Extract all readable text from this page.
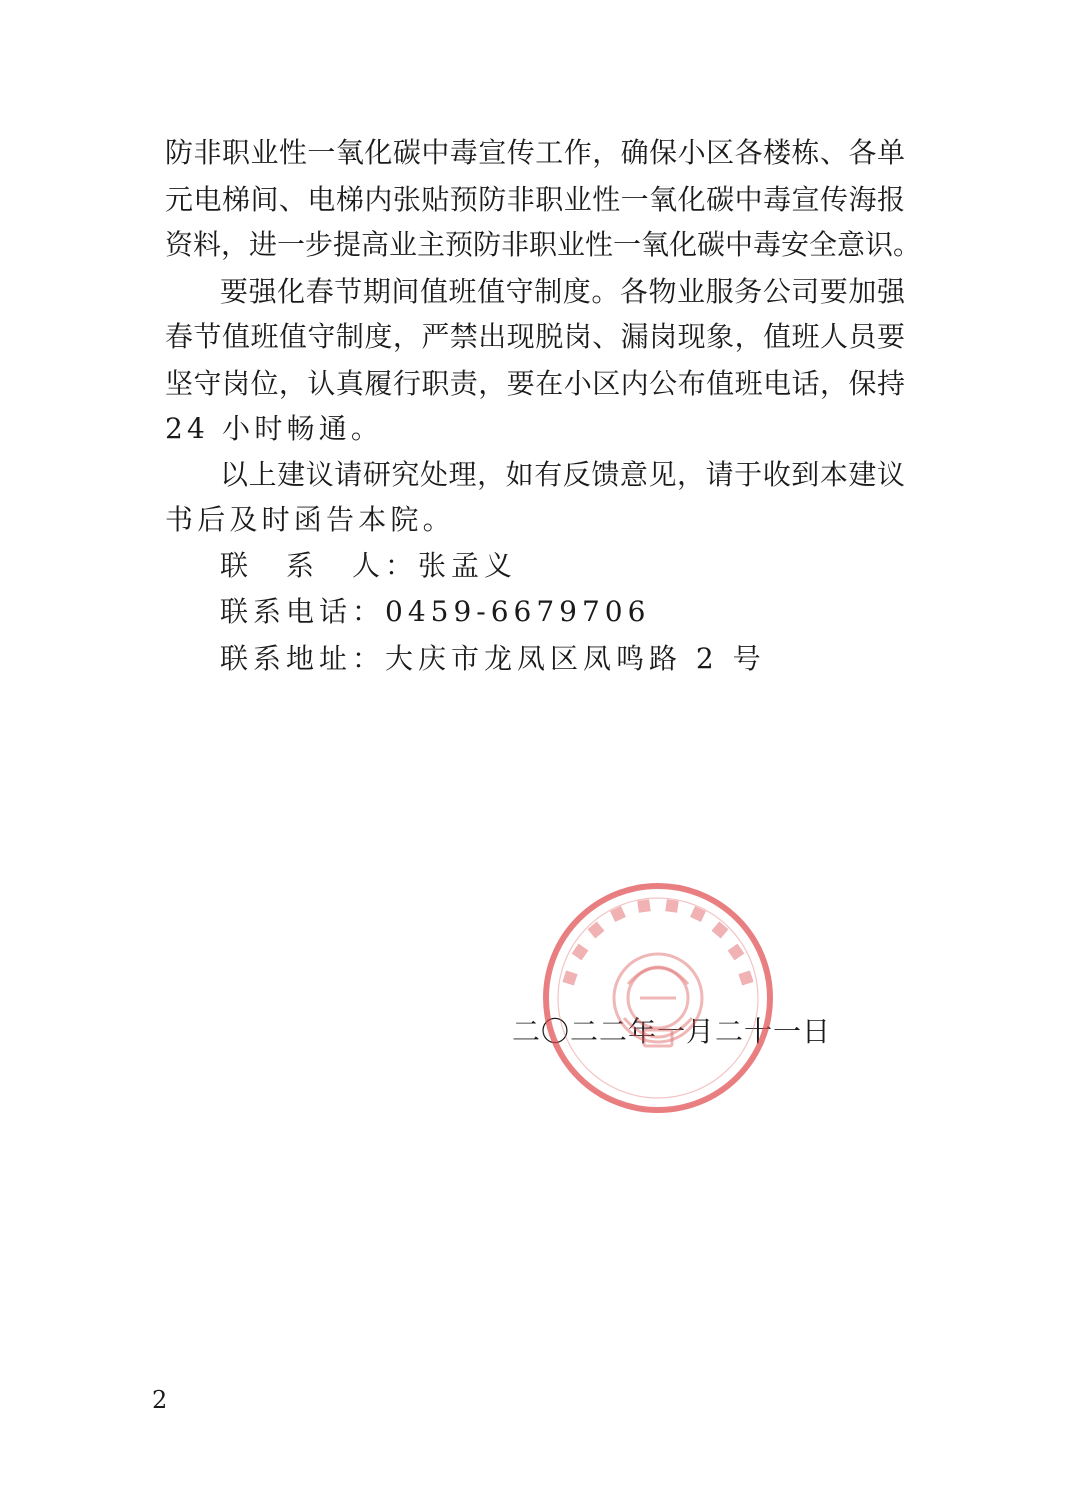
防非职业性一氧化碳中毒宣传工作，确保小区各楼栋、各单
元电梯间、电梯内张贴预防非职业性一氧化碳中毒宣传海报
资料，进一步提高业主预防非职业性一氧化碳中毒安全意识。
要强化春节期间值班值守制度。各物业服务公司要加强
春节值班值守制度，严禁出现脱岗、漏岗现象，值班人员要
坚守岗位，认真履行职责，要在小区内公布值班电话，保持
24 小时畅通。
以上建议请研究处理，如有反馈意见，请于收到本建议
书后及时函告本院。
联　系　人：张孟义
联系电话：0459-6679706
联系地址：大庆市龙凤区凤鸣路 2 号
二〇二二年一月二十一日
2
